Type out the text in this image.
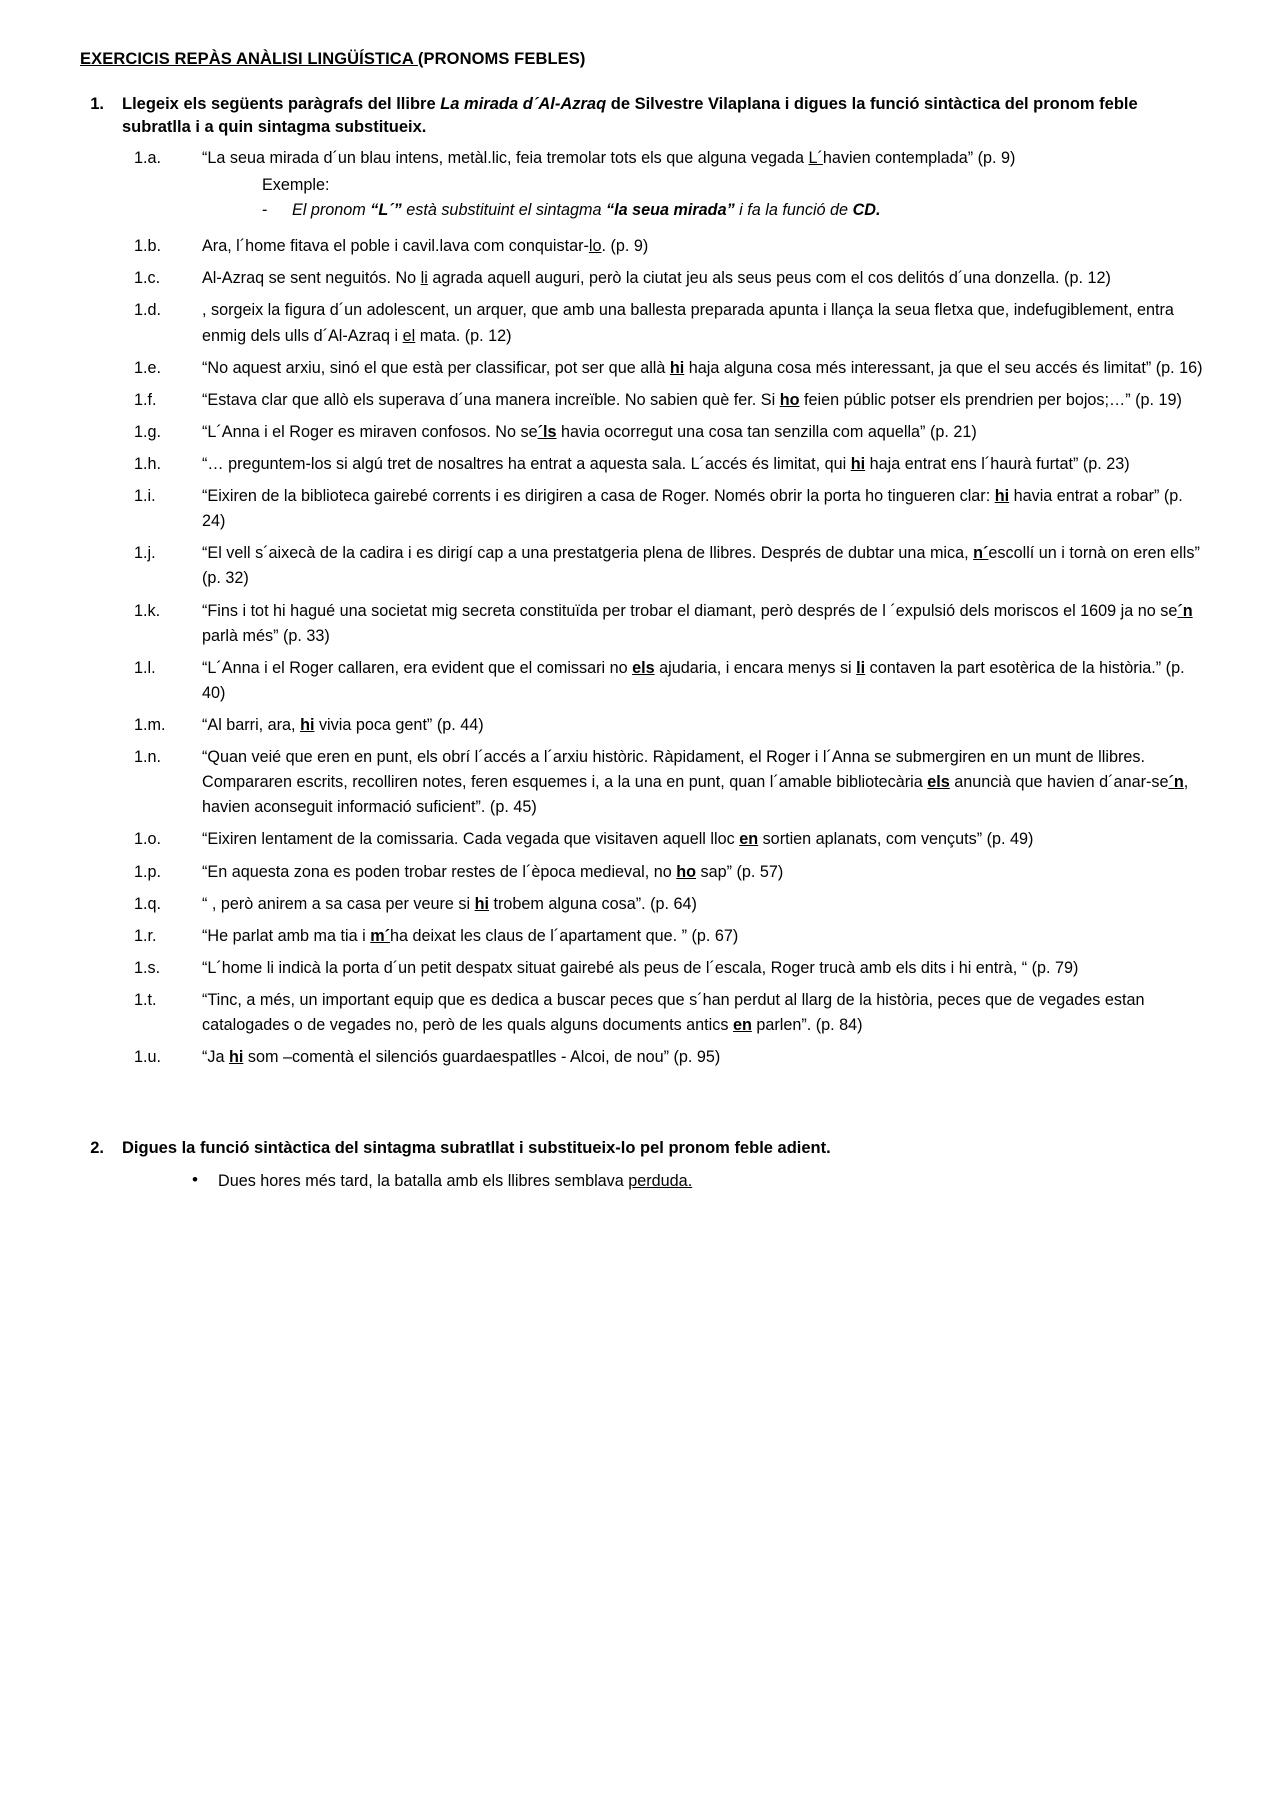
EXERCICIS REPÀS ANÀLISI LINGÜÍSTICA (PRONOMS FEBLES)
1.	Llegeix els següents paràgrafs del llibre La mirada d´Al-Azraq de Silvestre Vilaplana i digues la funció sintàctica del pronom feble subratlla i a quin sintagma substitueix.
1.a.	“La seua mirada d´un blau intens, metàl.lic, feia tremolar tots els que alguna vegada L´havien contemplada” (p. 9)
Exemple:
-	El pronom “L´” està substituint el sintagma “la seua mirada” i fa la funció de CD.
1.b.	Ara, l´home fitava el poble i cavil.lava com conquistar-lo. (p. 9)
1.c.	Al-Azraq se sent neguitós. No li agrada aquell auguri, però la ciutat jeu als seus peus com el cos delitós d´una donzella. (p. 12)
1.d.	, sorgeix la figura d´un adolescent, un arquer, que amb una ballesta preparada apunta i llança la seua fletxa que, indefugiblement, entra enmig dels ulls d´Al-Azraq i el mata. (p. 12)
1.e.	“No aquest arxiu, sinó el que està per classificar, pot ser que allà hi haja alguna cosa més interessant, ja que el seu accés és limitat” (p. 16)
1.f.	“Estava clar que allò els superava d´una manera increïble. No sabien què fer. Si ho feien públic potser els prendrien per bojos;…” (p. 19)
1.g.	“L´Anna i el Roger es miraven confosos. No se´ls havia ocorregut una cosa tan senzilla com aquella” (p. 21)
1.h.	“… preguntem-los si algú tret de nosaltres ha entrat a aquesta sala. L´accés és limitat, qui hi haja entrat ens l´haurà furtat” (p. 23)
1.i.	“Eixiren de la biblioteca gairebé corrents i es dirigiren a casa de Roger. Només obrir la porta ho tingueren clar: hi havia entrat a robar” (p. 24)
1.j.	“El vell s´aixecà de la cadira i es dirigí cap a una prestatgeria plena de llibres. Després de dubtar una mica, n´escollí un i tornà on eren ells” (p. 32)
1.k.	“Fins i tot hi hagué una societat mig secreta constituïda per trobar el diamant, però després de l ´expulsió dels moriscos el 1609 ja no se´n parlà més” (p. 33)
1.l.	“L´Anna i el Roger callaren, era evident que el comissari no els ajudaria, i encara menys si li contaven la part esotèrica de la història.” (p. 40)
1.m.	“Al barri, ara, hi vivia poca gent” (p. 44)
1.n.	“Quan veié que eren en punt, els obrí l´accés a l´arxiu històric. Ràpidament, el Roger i l´Anna se submergiren en un munt de llibres. Compararen escrits, recolliren notes, feren esquemes i, a la una en punt, quan l´amable bibliotecària els anuncià que havien d´anar-se´n, havien aconseguit informació suficient”. (p. 45)
1.o.	“Eixiren lentament de la comissaria. Cada vegada que visitaven aquell lloc en sortien aplanats, com vençuts” (p. 49)
1.p.	“En aquesta zona es poden trobar restes de l´època medieval, no ho sap” (p. 57)
1.q.	“ , però anirem a sa casa per veure si hi trobem alguna cosa”. (p. 64)
1.r.	“He parlat amb ma tia i m´ha deixat les claus de l´apartament que. ” (p. 67)
1.s.	“L´home li indicà la porta d´un petit despatx situat gairebé als peus de l´escala, Roger trucà amb els dits i hi entrà, “ (p. 79)
1.t.	“Tinc, a més, un important equip que es dedica a buscar peces que s´han perdut al llarg de la història, peces que de vegades estan catalogades o de vegades no, però de les quals alguns documents antics en parlen”. (p. 84)
1.u.	“Ja hi som –comentà el silenciós guardaespatlles - Alcoi, de nou” (p. 95)
2.	Digues la funció sintàctica del sintagma subratllat i substitueix-lo pel pronom feble adient.
•	Dues hores més tard, la batalla amb els llibres semblava perduda.
